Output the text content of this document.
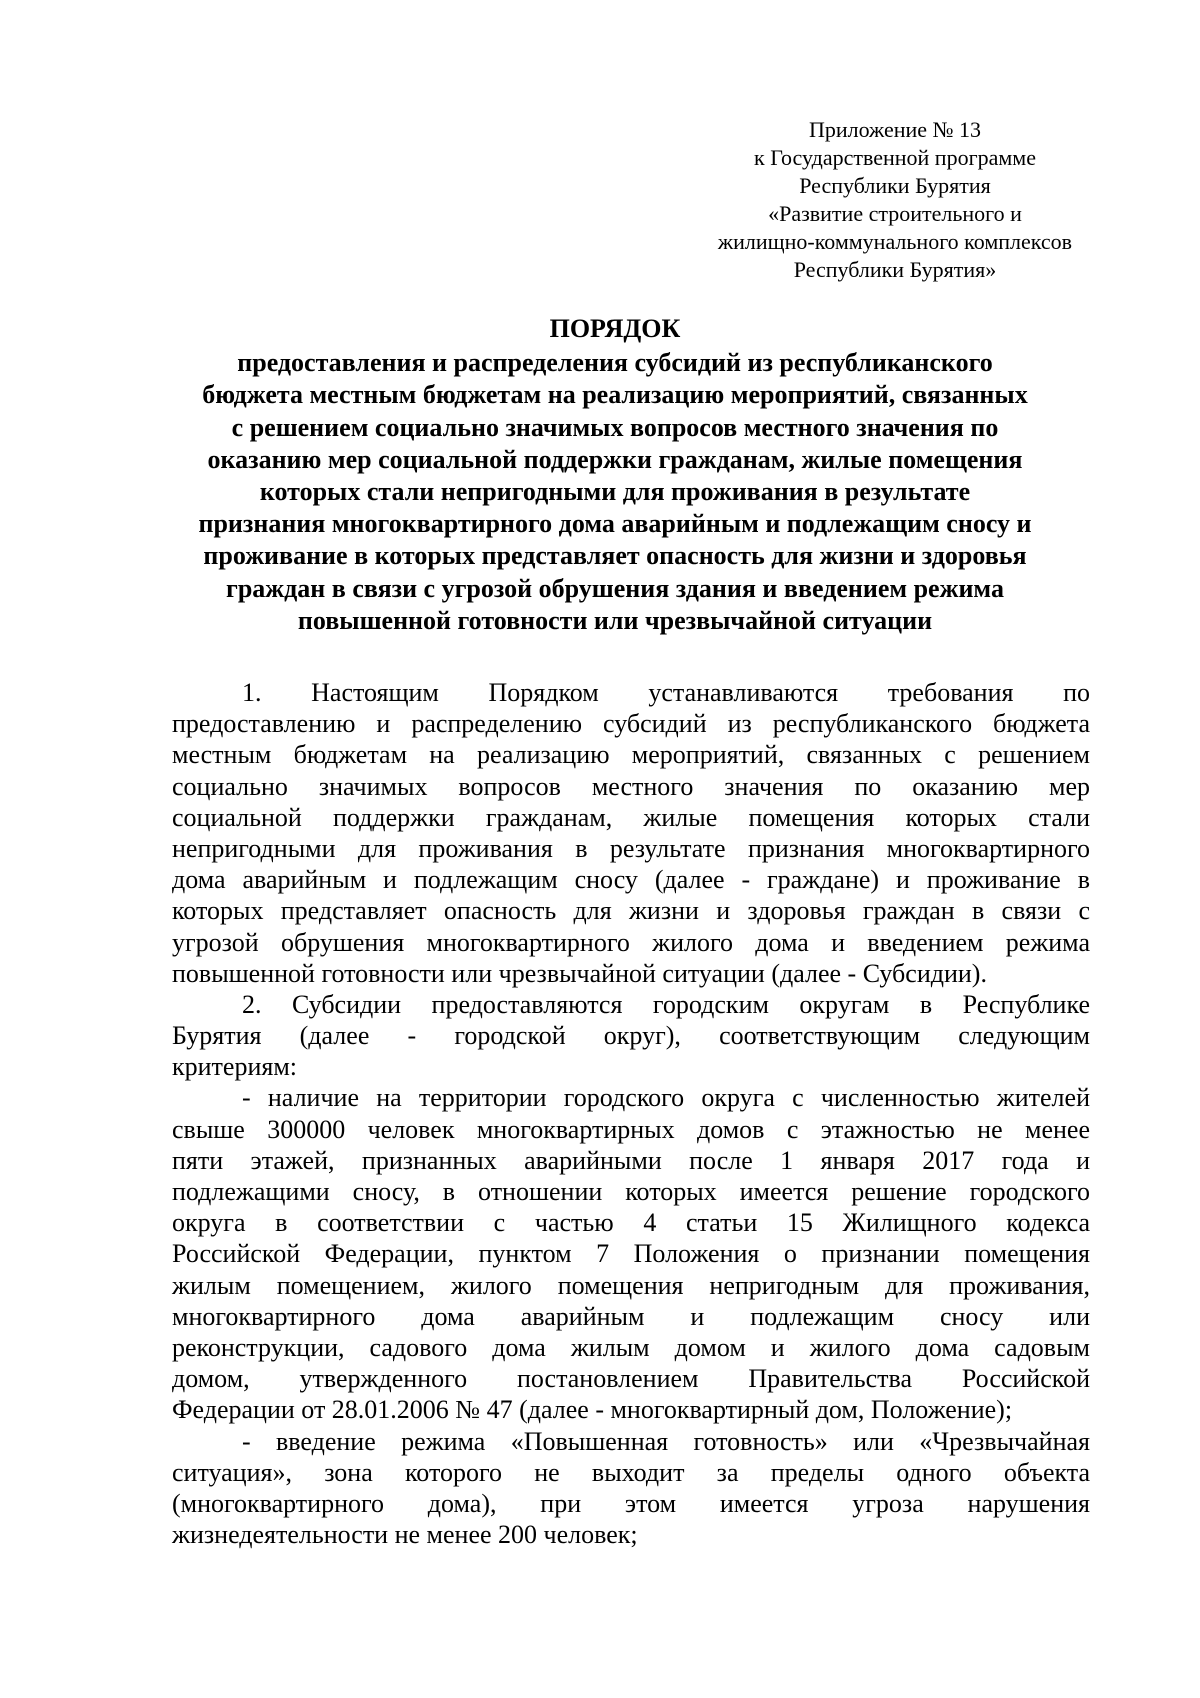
Приложение № 13
к Государственной программе
Республики Бурятия
«Развитие строительного и
жилищно-коммунального комплексов
Республики Бурятия»
ПОРЯДОК
предоставления и распределения субсидий из республиканского
бюджета местным бюджетам на реализацию мероприятий, связанных
с решением социально значимых вопросов местного значения по
оказанию мер социальной поддержки гражданам, жилые помещения
которых стали непригодными для проживания в результате
признания многоквартирного дома аварийным и подлежащим сносу и
проживание в которых представляет опасность для жизни и здоровья
граждан в связи с угрозой обрушения здания и введением режима
повышенной готовности или чрезвычайной ситуации
1. Настоящим Порядком устанавливаются требования по
предоставлению и распределению субсидий из республиканского бюджета
местным бюджетам на реализацию мероприятий, связанных с решением
социально значимых вопросов местного значения по оказанию мер
социальной поддержки гражданам, жилые помещения которых стали
непригодными для проживания в результате признания многоквартирного
дома аварийным и подлежащим сносу (далее - граждане) и проживание в
которых представляет опасность для жизни и здоровья граждан в связи с
угрозой обрушения многоквартирного жилого дома и введением режима
повышенной готовности или чрезвычайной ситуации (далее - Субсидии).
2. Субсидии предоставляются городским округам в Республике
Бурятия (далее - городской округ), соответствующим следующим
критериям:
- наличие на территории городского округа с численностью жителей
свыше 300000 человек многоквартирных домов с этажностью не менее
пяти этажей, признанных аварийными после 1 января 2017 года и
подлежащими сносу, в отношении которых имеется решение городского
округа в соответствии с частью 4 статьи 15 Жилищного кодекса
Российской Федерации, пунктом 7 Положения о признании помещения
жилым помещением, жилого помещения непригодным для проживания,
многоквартирного дома аварийным и подлежащим сносу или
реконструкции, садового дома жилым домом и жилого дома садовым
домом, утвержденного постановлением Правительства Российской
Федерации от 28.01.2006 № 47 (далее - многоквартирный дом, Положение);
- введение режима «Повышенная готовность» или «Чрезвычайная
ситуация», зона которого не выходит за пределы одного объекта
(многоквартирного дома), при этом имеется угроза нарушения
жизнедеятельности не менее 200 человек;
